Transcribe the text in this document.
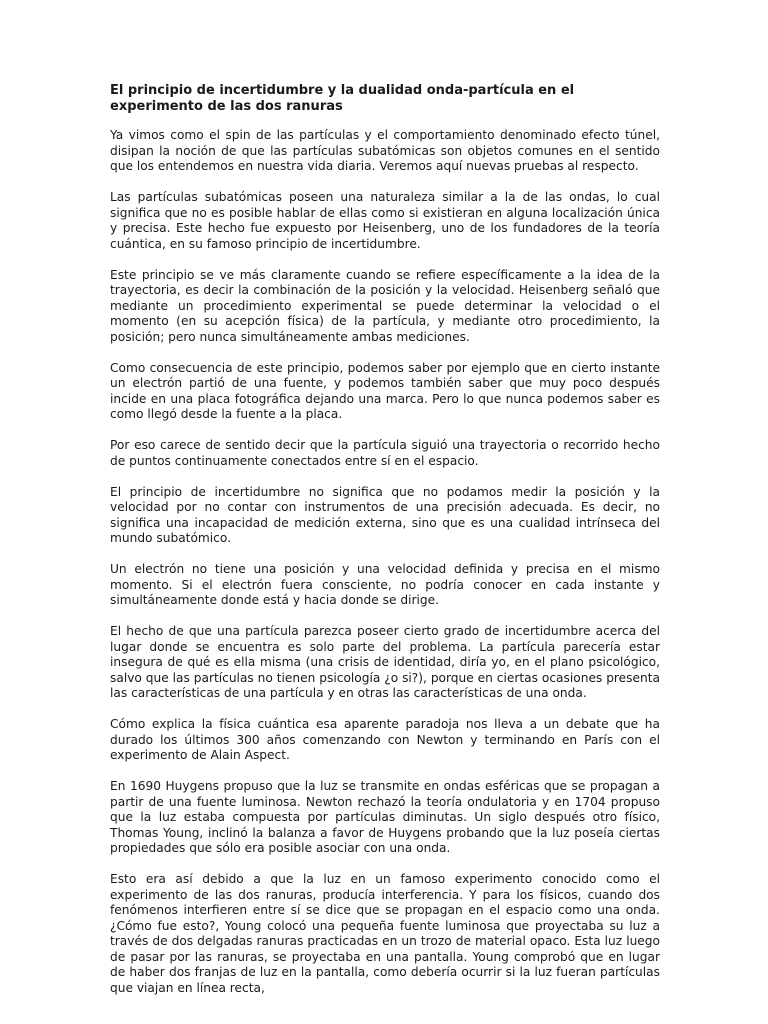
El principio de incertidumbre y la dualidad onda-partícula en el experimento de las dos ranuras

Ya vimos como el spin de las partículas y el comportamiento denominado efecto túnel, disipan la noción de que las partículas subatómicas son objetos comunes en el sentido que los entendemos en nuestra vida diaria. Veremos aquí nuevas pruebas al respecto.

Las partículas subatómicas poseen una naturaleza similar a la de las ondas, lo cual significa que no es posible hablar de ellas como si existieran en alguna localización única y precisa. Este hecho fue expuesto por Heisenberg, uno de los fundadores de la teoría cuántica, en su famoso principio de incertidumbre.

Este principio se ve más claramente cuando se refiere específicamente a la idea de la trayectoria, es decir la combinación de la posición y la velocidad. Heisenberg señaló que mediante un procedimiento experimental se puede determinar la velocidad o el momento (en su acepción física) de la partícula, y mediante otro procedimiento, la posición; pero nunca simultáneamente ambas mediciones.

Como consecuencia de este principio, podemos saber por ejemplo que en cierto instante un electrón partió de una fuente, y podemos también saber que muy poco después incide en una placa fotográfica dejando una marca. Pero lo que nunca podemos saber es como llegó desde la fuente a la placa.

Por eso carece de sentido decir que la partícula siguió una trayectoria o recorrido hecho de puntos continuamente conectados entre sí en el espacio.

El principio de incertidumbre no significa que no podamos medir la posición y la velocidad por no contar con instrumentos de una precisión adecuada. Es decir, no significa una incapacidad de medición externa, sino que es una cualidad intrínseca del mundo subatómico.

Un electrón no tiene una posición y una velocidad definida y precisa en el mismo momento. Si el electrón fuera consciente, no podría conocer en cada instante y simultáneamente donde está y hacia donde se dirige.

El hecho de que una partícula parezca poseer cierto grado de incertidumbre acerca del lugar donde se encuentra es solo parte del problema. La partícula parecería estar insegura de qué es ella misma (una crisis de identidad, diría yo, en el plano psicológico, salvo que las partículas no tienen psicología ¿o si?), porque en ciertas ocasiones presenta las características de una partícula y en otras las características de una onda.

Cómo explica la física cuántica esa aparente paradoja nos lleva a un debate que ha durado los últimos 300 años comenzando con Newton y terminando en París con el experimento de Alain Aspect.

En 1690 Huygens propuso que la luz se transmite en ondas esféricas que se propagan a partir de una fuente luminosa. Newton rechazó la teoría ondulatoria y en 1704 propuso que la luz estaba compuesta por partículas diminutas. Un siglo después otro físico, Thomas Young, inclinó la balanza a favor de Huygens probando que la luz poseía ciertas propiedades que sólo era posible asociar con una onda.

Esto era así debido a que la luz en un famoso experimento conocido como el experimento de las dos ranuras, producía interferencia. Y para los físicos, cuando dos fenómenos interfieren entre sí se dice que se propagan en el espacio como una onda. ¿Cómo fue esto?, Young colocó una pequeña fuente luminosa que proyectaba su luz a través de dos delgadas ranuras practicadas en un trozo de material opaco. Esta luz luego de pasar por las ranuras, se proyectaba en una pantalla. Young comprobó que en lugar de haber dos franjas de luz en la pantalla, como debería ocurrir si la luz fueran partículas que viajan en línea recta,
